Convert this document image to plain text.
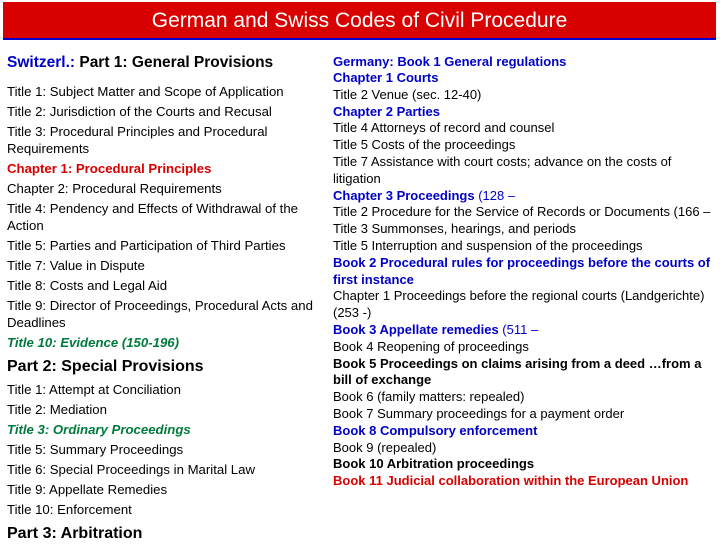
German and Swiss Codes of Civil Procedure
Switzerl.: Part 1: General Provisions
Title 1: Subject Matter and Scope of Application
Title 2: Jurisdiction of the Courts and Recusal
Title 3: Procedural Principles and Procedural Requirements
Chapter 1: Procedural Principles
Chapter 2: Procedural Requirements
Title 4: Pendency and Effects of Withdrawal of the Action
Title 5: Parties and Participation of Third Parties
Title 7: Value in Dispute
Title 8: Costs and Legal Aid
Title 9: Director of Proceedings, Procedural Acts and Deadlines
Title 10: Evidence (150-196)
Part 2: Special Provisions
Title 1: Attempt at Conciliation
Title 2: Mediation
Title 3: Ordinary Proceedings
Title 5: Summary Proceedings
Title 6: Special Proceedings in Marital Law
Title 9: Appellate Remedies
Title 10: Enforcement
Part 3: Arbitration
Germany: Book 1 General regulations
Chapter 1 Courts
Title 2 Venue (sec. 12-40)
Chapter 2 Parties
Title 4 Attorneys of record and counsel
Title 5 Costs of the proceedings
Title 7 Assistance with court costs; advance on the costs of litigation
Chapter 3 Proceedings (128 –
Title 2 Procedure for the Service of Records or Documents (166 –
Title 3 Summonses, hearings, and periods
Title 5 Interruption and suspension of the proceedings
Book 2 Procedural rules for proceedings before the courts of first instance
Chapter 1 Proceedings before the regional courts (Landgerichte) (253 -)
Book 3 Appellate remedies (511 –
Book 4 Reopening of proceedings
Book 5 Proceedings on claims arising from a deed …from a bill of exchange
Book 6 (family matters: repealed)
Book 7 Summary proceedings for a payment order
Book 8 Compulsory enforcement
Book 9 (repealed)
Book 10 Arbitration proceedings
Book 11 Judicial collaboration within the European Union
